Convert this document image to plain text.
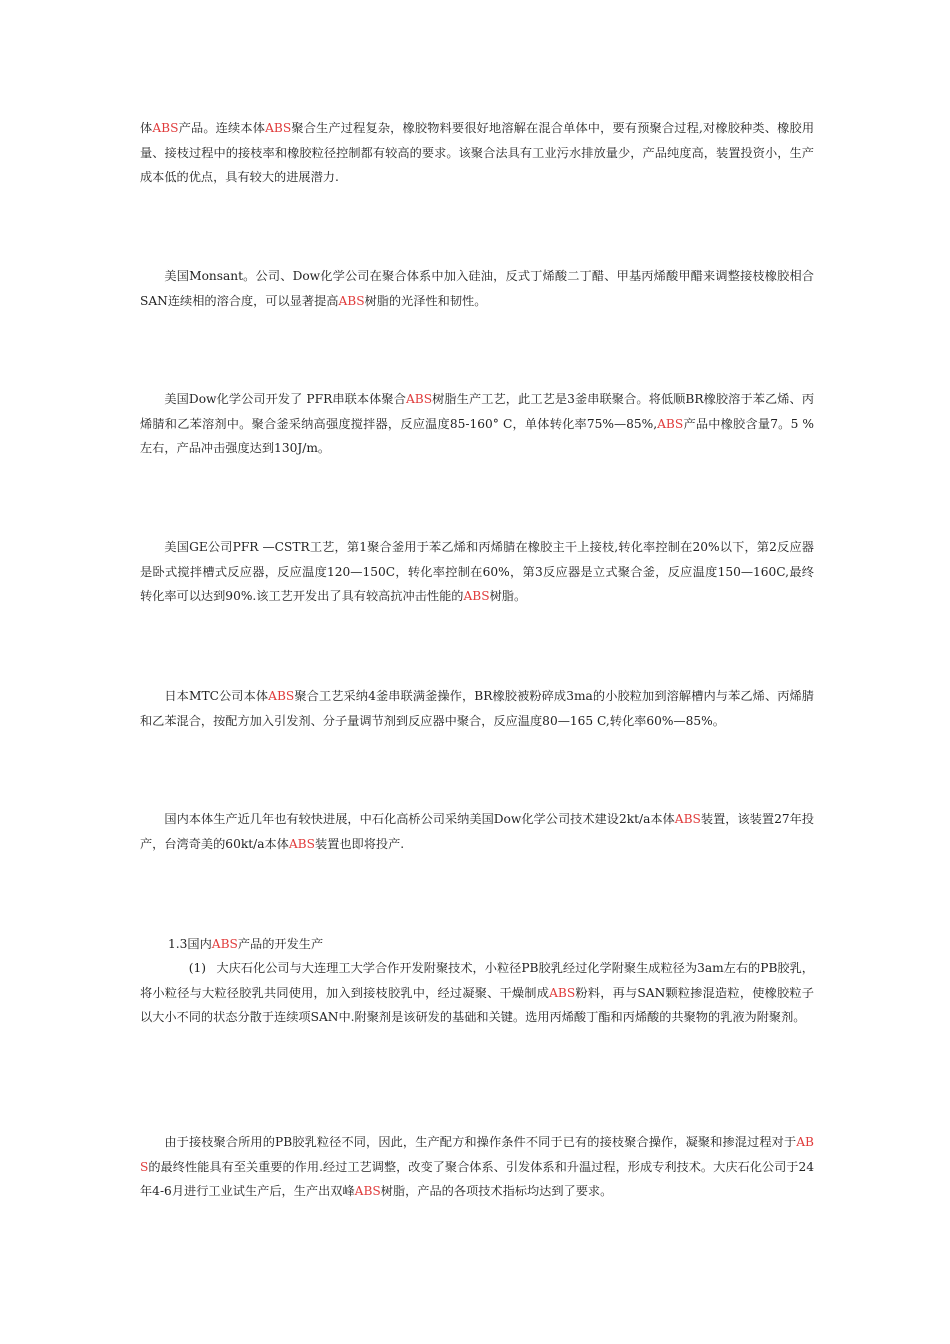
体ABS产品。连续本体ABS聚合生产过程复杂，橡胶物料要很好地溶解在混合单体中，要有预聚合过程,对橡胶种类、橡胶用量、接枝过程中的接枝率和橡胶粒径控制都有较高的要求。该聚合法具有工业污水排放量少，产品纯度高，装置投资小，生产成本低的优点，具有较大的进展潜力.

美国Monsant。公司、Dow化学公司在聚合体系中加入硅油，反式丁烯酸二丁醋、甲基丙烯酸甲醋来调整接枝橡胶相合SAN连续相的溶合度，可以显著提高ABS树脂的光泽性和韧性。

美国Dow化学公司开发了 PFR串联本体聚合ABS树脂生产工艺，此工艺是3釜串联聚合。将低顺BR橡胶溶于苯乙烯、丙烯腈和乙苯溶剂中。聚合釜采纳高强度搅拌器，反应温度85-160° C，单体转化率75%—85%,ABS产品中橡胶含量7。5 %左右，产品冲击强度达到130J/m。

美国GE公司PFR —CSTR工艺，第1聚合釜用于苯乙烯和丙烯腈在橡胶主干上接枝,转化率控制在20%以下，第2反应器是卧式搅拌槽式反应器，反应温度120—150C，转化率控制在60%，第3反应器是立式聚合釜，反应温度150—160C,最终转化率可以达到90%.该工艺开发出了具有较高抗冲击性能的ABS树脂。

日本MTC公司本体ABS聚合工艺采纳4釜串联满釜操作，BR橡胶被粉碎成3ma的小胶粒加到溶解槽内与苯乙烯、丙烯腈和乙苯混合，按配方加入引发剂、分子量调节剂到反应器中聚合，反应温度80—165 C,转化率60%—85%。

国内本体生产近几年也有较快进展，中石化高桥公司采纳美国Dow化学公司技术建设2kt/a本体ABS装置，该装置27年投产，台湾奇美的60kt/a本体ABS装置也即将投产.

1.3国内ABS产品的开发生产

(1) 大庆石化公司与大连理工大学合作开发附聚技术，小粒径PB胶乳经过化学附聚生成粒径为3am左右的PB胶乳，将小粒径与大粒径胶乳共同使用，加入到接枝胶乳中，经过凝聚、干燥制成ABS粉料，再与SAN颗粒掺混造粒，使橡胶粒子以大小不同的状态分散于连续项SAN中.附聚剂是该研发的基础和关键。选用丙烯酸丁酯和丙烯酸的共聚物的乳液为附聚剂。

由于接枝聚合所用的PB胶乳粒径不同，因此，生产配方和操作条件不同于已有的接枝聚合操作，凝聚和掺混过程对于ABS的最终性能具有至关重要的作用.经过工艺调整，改变了聚合体系、引发体系和升温过程，形成专利技术。大庆石化公司于24年4-6月进行工业试生产后，生产出双峰ABS树脂，产品的各项技术指标均达到了要求。
